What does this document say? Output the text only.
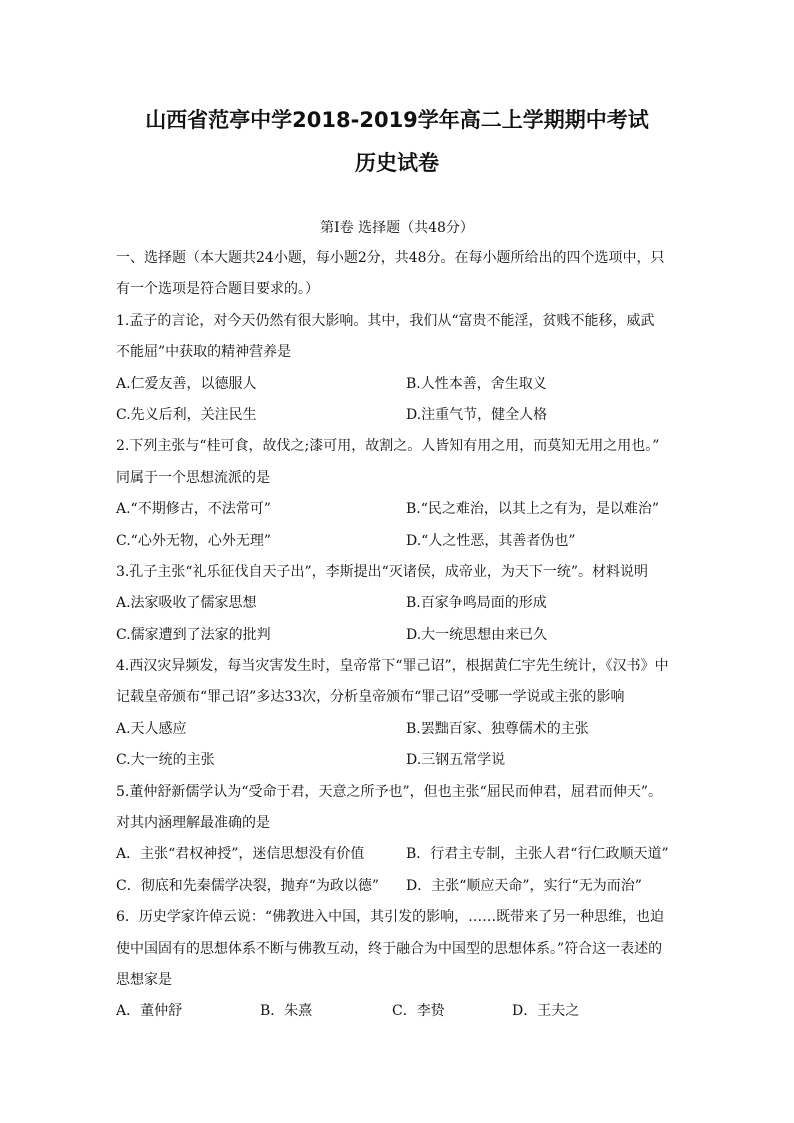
山西省范亭中学2018-2019学年高二上学期期中考试
历史试卷
第Ⅰ卷 选择题（共48分）
一、选择题（本大题共24小题，每小题2分，共48分。在每小题所给出的四个选项中，只
有一个选项是符合题目要求的。）
1.孟子的言论，对今天仍然有很大影响。其中，我们从“富贵不能淫，贫贱不能移，威武
不能屈”中获取的精神营养是
A.仁爱友善，以德服人	B.人性本善，舍生取义
C.先义后利，关注民生	D.注重气节，健全人格
2.下列主张与“桂可食，故伐之;漆可用，故割之。人皆知有用之用，而莫知无用之用也。”
同属于一个思想流派的是
A.“不期修古，不法常可”	B.“民之难治，以其上之有为，是以难治”
C.“心外无物，心外无理”	D.“人之性恶，其善者伪也”
3.孔子主张“礼乐征伐自天子出”，李斯提出“灭诸侯，成帝业，为天下一统”。材料说明
A.法家吸收了儒家思想	B.百家争鸣局面的形成
C.儒家遭到了法家的批判	D.大一统思想由来已久
4.西汉灾异频发，每当灾害发生时，皇帝常下“罪己诏”，根据黄仁宇先生统计，《汉书》中
记载皇帝颁布“罪己诏”多达33次，分析皇帝颁布“罪己诏”受哪一学说或主张的影响
A.天人感应	B.罢黜百家、独尊儒术的主张
C.大一统的主张	D.三钢五常学说
5.董仲舒新儒学认为“受命于君，天意之所予也”，但也主张“屈民而伸君，屈君而伸天”。
对其内涵理解最准确的是
A．主张“君权神授”，迷信思想没有价值	B．行君主专制，主张人君“行仁政顺天道”
C．彻底和先秦儒学决裂，抛弃“为政以德”	D．主张“顺应天命”，实行“无为而治”
6．历史学家许倬云说：“佛教进入中国，其引发的影响，……既带来了另一种思维，也迫
使中国固有的思想体系不断与佛教互动，终于融合为中国型的思想体系。”符合这一表述的
思想家是
A．董仲舒	B．朱熹	C．李贽	D．王夫之
